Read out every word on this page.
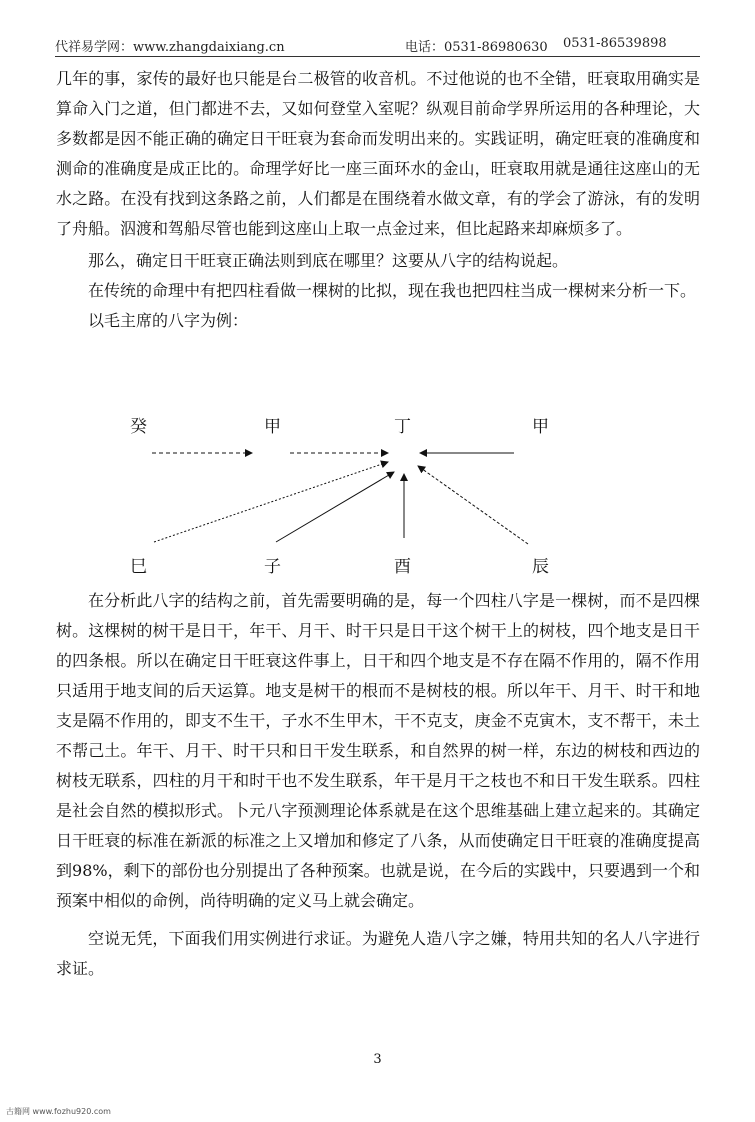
代祥易学网：www.zhangdaixiang.cn	电话：0531-86980630 0531-86539898

几年的事，家传的最好也只能是台二极管的收音机。不过他说的也不全错，旺衰取用确实是算命入门之道，但门都进不去，又如何登堂入室呢？纵观目前命学界所运用的各种理论，大多数都是因不能正确的确定日干旺衰为套命而发明出来的。实践证明，确定旺衰的准确度和测命的准确度是成正比的。命理学好比一座三面环水的金山，旺衰取用就是通往这座山的无水之路。在没有找到这条路之前，人们都是在围绕着水做文章，有的学会了游泳，有的发明了舟船。泅渡和驾船尽管也能到这座山上取一点金过来，但比起路来却麻烦多了。

那么，确定日干旺衰正确法则到底在哪里？这要从八字的结构说起。

在传统的命理中有把四柱看做一棵树的比拟，现在我也把四柱当成一棵树来分析一下。

以毛主席的八字为例：

癸	甲	丁	甲
巳	子	酉	辰

在分析此八字的结构之前，首先需要明确的是，每一个四柱八字是一棵树，而不是四棵树。这棵树的树干是日干，年干、月干、时干只是日干这个树干上的树枝，四个地支是日干的四条根。所以在确定日干旺衰这件事上，日干和四个地支是不存在隔不作用的，隔不作用只适用于地支间的后天运算。地支是树干的根而不是树枝的根。所以年干、月干、时干和地支是隔不作用的，即支不生干，子水不生甲木，干不克支，庚金不克寅木，支不帮干，未土不帮己土。年干、月干、时干只和日干发生联系，和自然界的树一样，东边的树枝和西边的树枝无联系，四柱的月干和时干也不发生联系，年干是月干之枝也不和日干发生联系。四柱是社会自然的模拟形式。卜元八字预测理论体系就是在这个思维基础上建立起来的。其确定日干旺衰的标准在新派的标准之上又增加和修定了八条，从而使确定日干旺衰的准确度提高到98%，剩下的部份也分别提出了各种预案。也就是说，在今后的实践中，只要遇到一个和预案中相似的命例，尚待明确的定义马上就会确定。

空说无凭，下面我们用实例进行求证。为避免人造八字之嫌，特用共知的名人八字进行求证。

3
古籍网 www.fozhu920.com
